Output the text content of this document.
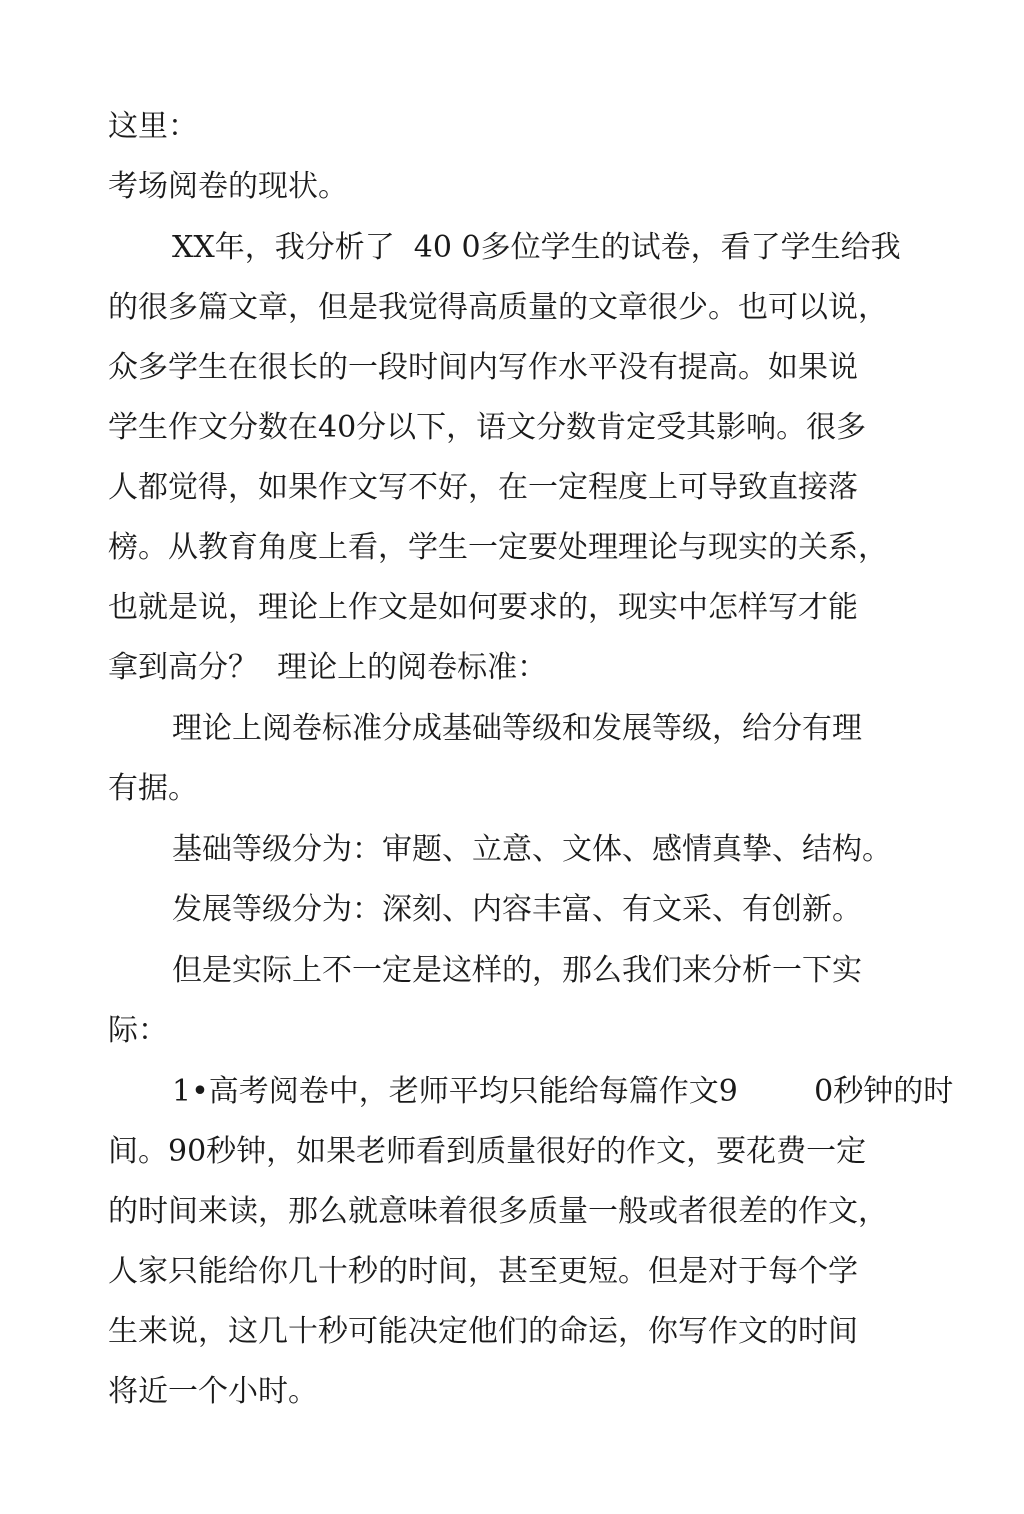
这里：
考场阅卷的现状。
XX年，我分析了  40 0多位学生的试卷，看了学生给我
的很多篇文章，但是我觉得高质量的文章很少。也可以说，
众多学生在很长的一段时间内写作水平没有提高。如果说
学生作文分数在40分以下，语文分数肯定受其影响。很多
人都觉得，如果作文写不好，在一定程度上可导致直接落
榜。从教育角度上看，学生一定要处理理论与现实的关系，
也就是说，理论上作文是如何要求的，现实中怎样写才能
拿到高分？  理论上的阅卷标准：
理论上阅卷标准分成基础等级和发展等级，给分有理
有据。
基础等级分为：审题、立意、文体、感情真挚、结构。
发展等级分为：深刻、内容丰富、有文采、有创新。
但是实际上不一定是这样的，那么我们来分析一下实
际：
1•高考阅卷中，老师平均只能给每篇作文9        0秒钟的时
间。90秒钟，如果老师看到质量很好的作文，要花费一定
的时间来读，那么就意味着很多质量一般或者很差的作文，
人家只能给你几十秒的时间，甚至更短。但是对于每个学
生来说，这几十秒可能决定他们的命运，你写作文的时间
将近一个小时。
